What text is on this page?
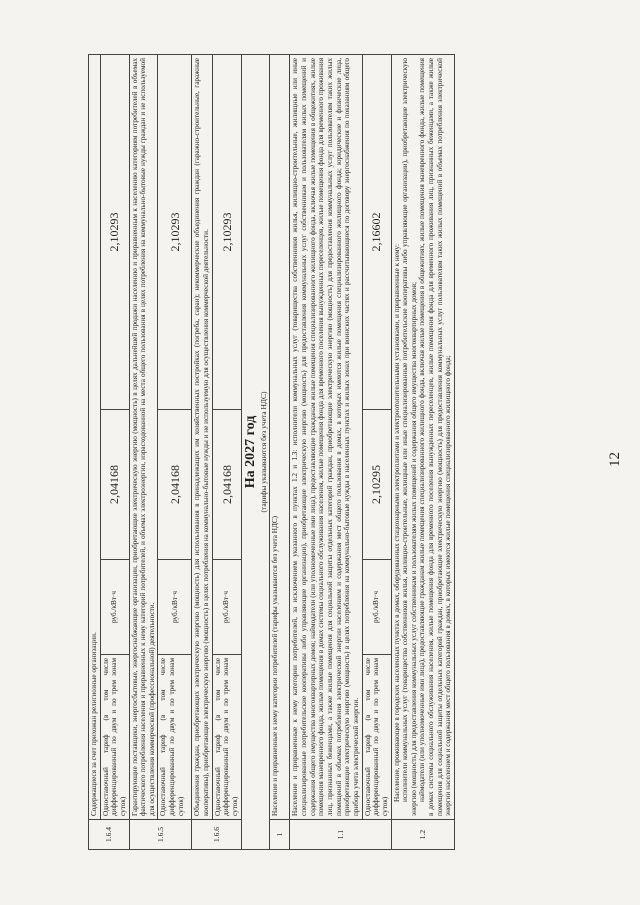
12
1.6.4	Содержащиеся за счет прихожан религиозные организации.			
	Одноставочный тариф (в том числе дифференцированный по двум и по трем зонам суток)	руб./кВт·ч	2,04168	2,10293
1.6.5	Гарантирующие поставщики, энергосбытовые, энергоснабжающие организации, приобретающие электрическую энергию (мощность) в целях дальнейшей продажи населению и приравненным к населению категориям потребителей в объемах фактического потребления населения и приравненных к нему категорий потребителей, и объемах электроэнергии, израсходованной на места общего пользования в целях потребления на коммунально-бытовые нужды граждан и не используемой для осуществления коммерческой (профессиональной) деятельности.			
	Одноставочный тариф (в том числе дифференцированный по двум и по трем зонам суток)	руб./кВт·ч	2,04168	2,10293
1.6.6	Объединения граждан, приобретающих электрическую энергию (мощность) для использования в принадлежащих им хозяйственных постройках (погреба, сараи); некоммерческие объединения граждан (гаражно-строительные, гаражные кооперативы), приобретающие электрическую энергию (мощность) в целях потребления на коммунально-бытовые нужды и не используемую для осуществления коммерческой деятельности.			
	Одноставочный тариф (в том числе дифференцированный по двум и по трем зонам суток)	руб./кВт·ч	2,04168	2,10293

На 2027 год (тарифы указываются без учета НДС)				

1	Население и приравненные к нему категории потребителей (тарифы указываются без учета НДС)			
1.1	Население и приравненные к нему категории потребителей, за исключением указанного в пунктах 1.2 и 1.3: исполнители коммунальных услуг (товарищества собственников жилья, жилищно-строительные, жилищные или иные специализированные потребительские кооперативы либо управляющие организации), приобретающие электрическую энергию (мощность) для предоставления коммунальных услуг собственникам и пользователям жилых помещений и содержания общего имущества многоквартирных домов; наймодатели (или уполномоченные ими лица), предоставляющие гражданам жилые помещения специализированного жилищного фонда, включая жилые помещения в общежитиях, жилые помещения маневренного фонда, жилые помещения в домах системы социального обслуживания населения, жилые помещения фонда для временного поселения вынужденных переселенцев, жилые помещения фонда для временного проживания лиц, признанных беженцами, а также жилые помещения для социальной защиты отдельных категорий граждан, приобретающие электрическую энергию (мощность) для предоставления коммунальных услуг пользователям таких жилых помещений в объемах потребления электрической энергии населением и содержания мест общего пользования в домах, в которых имеются жилые помещения специализированного жилищного фонда; юридические и физические лица, приобретающие электрическую энергию (мощность) в целях потребления на коммунально-бытовые нужды в населенных пунктах и жилых зонах при воинских частях и рассчитывающиеся по договору энергоснабжения по показаниям общего прибора учета электрической энергии.			
	Одноставочный тариф (в том числе дифференцированный по двум и по трем зонам суток)	руб./кВт·ч	2,10295	2,16602
1.2	Население, проживающее в городских населенных пунктах в домах, оборудованных стационарными электроплитами и электроотопительными установками, и приравненные к нему: исполнители коммунальных услуг (товарищества собственников жилья, жилищно-строительные, жилищные или иные специализированные потребительские кооперативы либо управляющие организации), приобретающие электрическую энергию (мощность) для предоставления коммунальных услуг собственникам и пользователям жилых помещений и содержания общего имущества многоквартирных домов; наймодатели (или уполномоченные ими лица), предоставляющие гражданам жилые помещения специализированного жилищного фонда, включая жилые помещения в общежитиях, жилые помещения маневренного фонда, жилые помещения в домах системы социального обслуживания населения, жилые помещения фонда для временного поселения вынужденных переселенцев, жилые помещения фонда для временного проживания лиц, признанных беженцами, а также жилые помещения для социальной защиты отдельных категорий граждан, приобретающие электрическую энергию (мощность) для предоставления коммунальных услуг пользователям таких жилых помещений в объемах потребления электрической энергии населением и содержания мест общего пользования в домах, в которых имеются жилые помещения специализированного жилищного фонда;			
